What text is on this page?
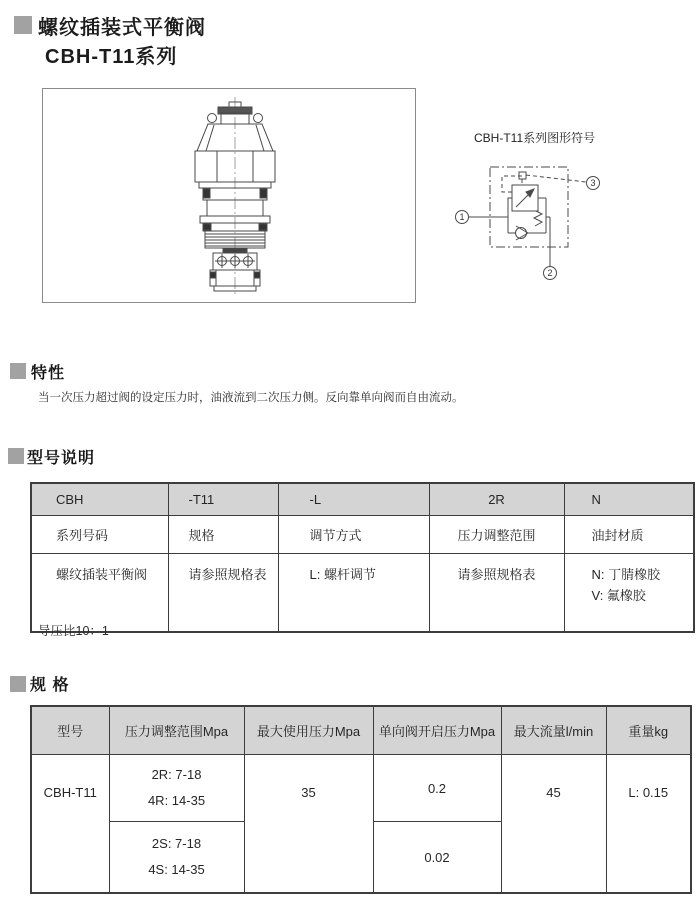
螺纹插装式平衡阀
CBH-T11系列
CBH-T11系列图形符号
1
2
3
特性
当一次压力超过阀的设定压力时，油液流到二次压力侧。反向靠单向阀而自由流动。
型号说明
CBH	-T11	-L	2R	N
系列号码	规格	调节方式	压力调整范围	油封材质
螺纹插装平衡阀	请参照规格表	L: 螺杆调节	请参照规格表	N: 丁腈橡胶
V: 氟橡胶
导压比10：1
规 格
型号	压力调整范围Mpa	最大使用压力Mpa	单向阀开启压力Mpa	最大流量l/min	重量kg
CBH-T11	2R: 7-18
4R: 14-35	35	0.2	45	L: 0.15

	2S: 7-18
4S: 14-35		0.02		
